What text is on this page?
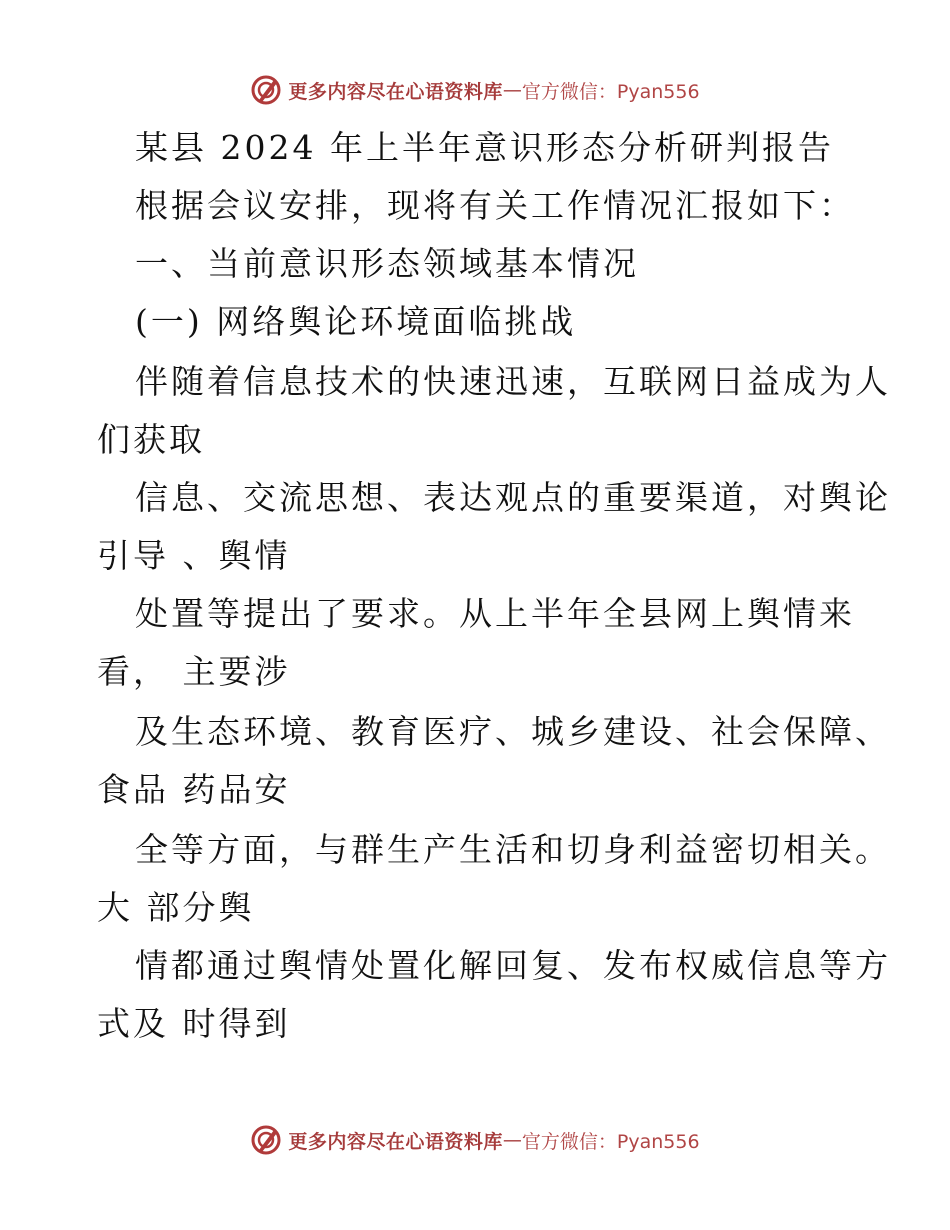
更多内容尽在心语资料库 — 官方微信：Pyan556
某县 2024 年上半年意识形态分析研判报告
根据会议安排，现将有关工作情况汇报如下：
一、当前意识形态领域基本情况
(一) 网络舆论环境面临挑战
伴随着信息技术的快速迅速，互联网日益成为人
们获取
信息、交流思想、表达观点的重要渠道，对舆论
引导 、舆情
处置等提出了要求。从上半年全县网上舆情来
看， 主要涉
及生态环境、教育医疗、城乡建设、社会保障、
食品 药品安
全等方面，与群生产生活和切身利益密切相关。
大 部分舆
情都通过舆情处置化解回复、发布权威信息等方
式及 时得到
更多内容尽在心语资料库 — 官方微信：Pyan556
